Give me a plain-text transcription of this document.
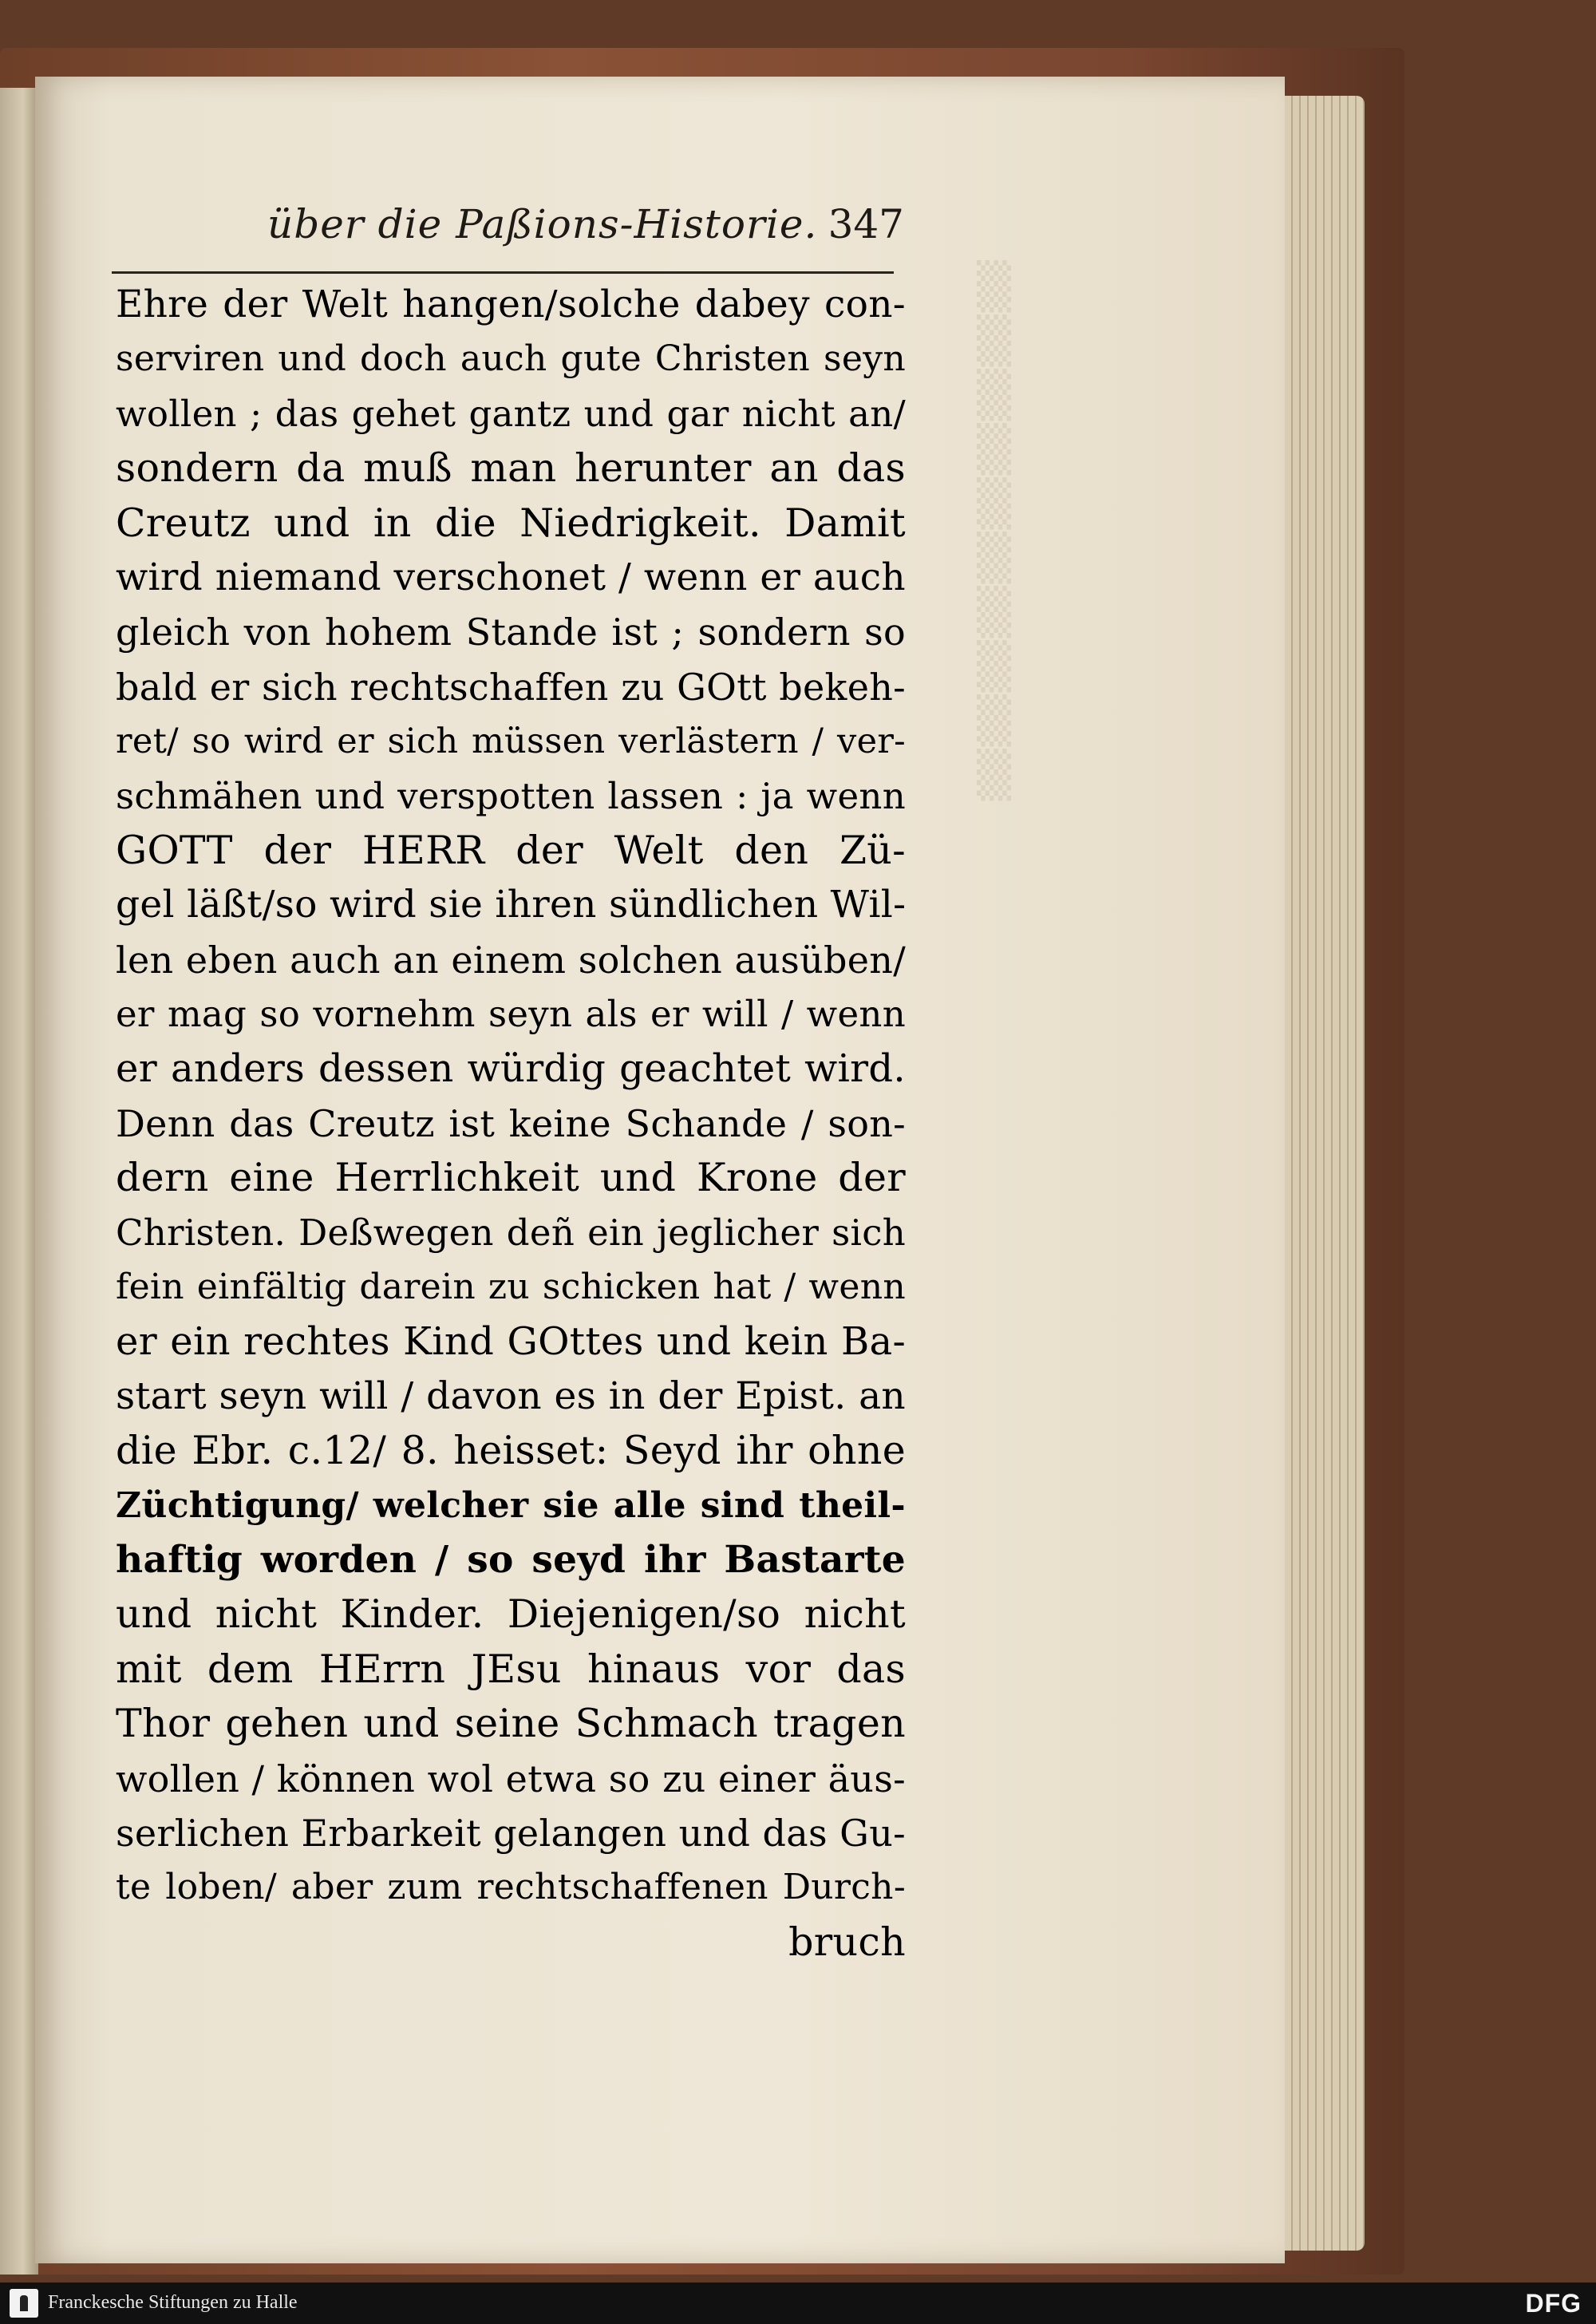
▒
▒
▒
▒
▒
▒
▒
▒
▒
▒
über die Paßions-Historie. 347
Ehre der Welt hangen/solche dabey con-
serviren und doch auch gute Christen seyn
wollen ; das gehet gantz und gar nicht an/
sondern da muß man herunter an das
Creutz und in die Niedrigkeit. Damit
wird niemand verschonet / wenn er auch
gleich von hohem Stande ist ; sondern so
bald er sich rechtschaffen zu GOtt bekeh-
ret/ so wird er sich müssen verlästern / ver-
schmähen und verspotten lassen : ja wenn
GOTT der HERR der Welt den Zü-
gel läßt/so wird sie ihren sündlichen Wil-
len eben auch an einem solchen ausüben/
er mag so vornehm seyn als er will / wenn
er anders dessen würdig geachtet wird.
Denn das Creutz ist keine Schande / son-
dern eine Herrlichkeit und Krone der
Christen. Deßwegen deñ ein jeglicher sich
fein einfältig darein zu schicken hat / wenn
er ein rechtes Kind GOttes und kein Ba-
start seyn will / davon es in der Epist. an
die Ebr. c.12/ 8. heisset: Seyd ihr ohne
Züchtigung/ welcher sie alle sind theil-
haftig worden / so seyd ihr Bastarte
und nicht Kinder. Diejenigen/so nicht
mit dem HErrn JEsu hinaus vor das
Thor gehen und seine Schmach tragen
wollen / können wol etwa so zu einer äus-
serlichen Erbarkeit gelangen und das Gu-
te loben/ aber zum rechtschaffenen Durch-
bruch
Franckesche Stiftungen zu Halle	DFG
